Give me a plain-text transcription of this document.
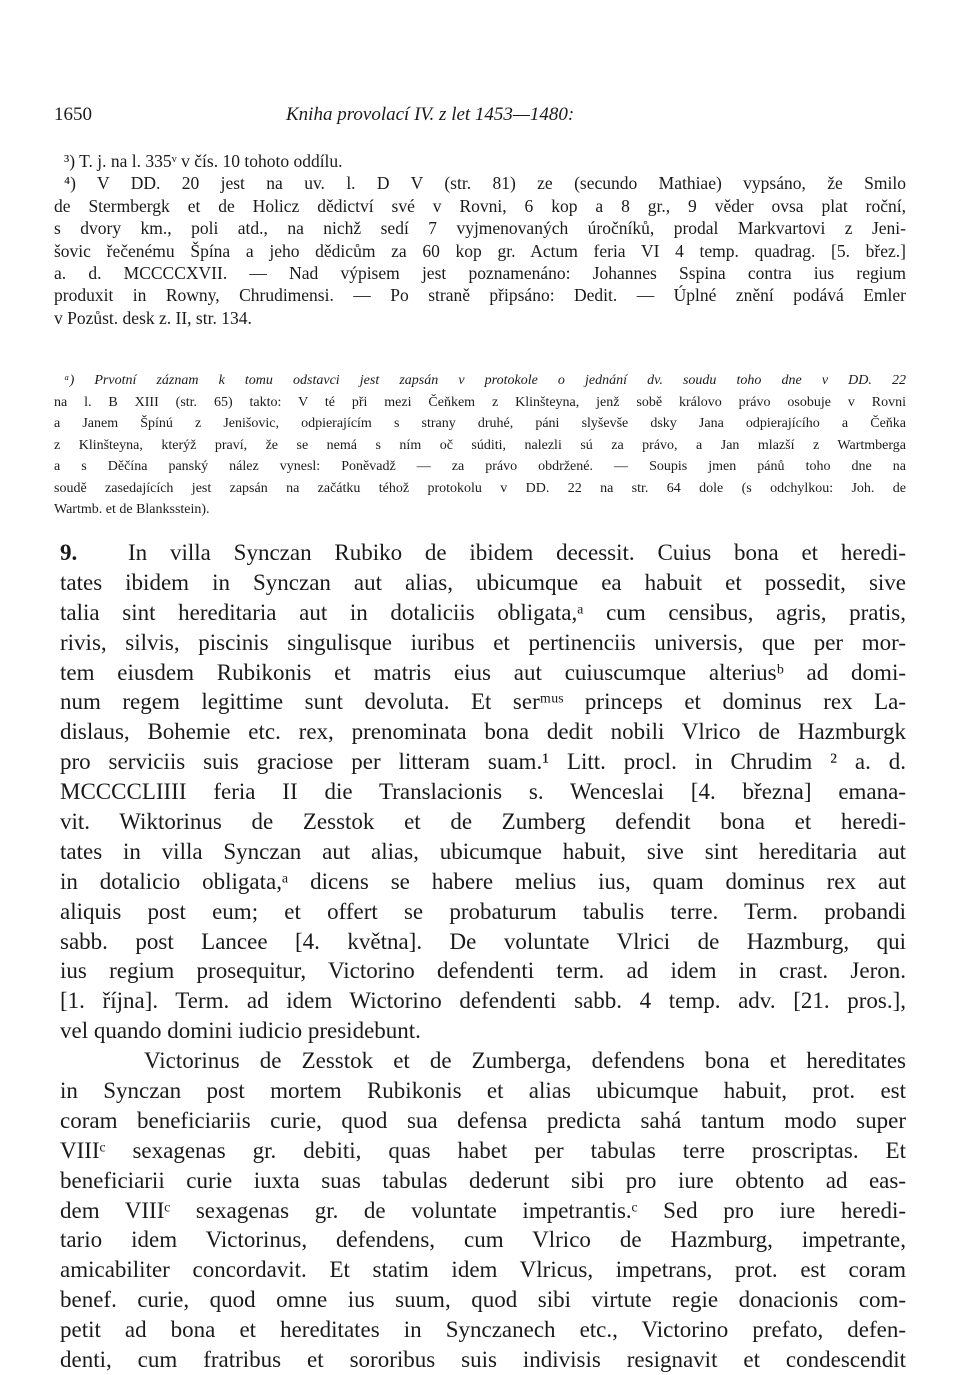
1650	Kniha provolací IV. z let 1453—1480:
³) T. j. na l. 335ᵛ v čís. 10 tohoto oddílu.
⁴) V DD. 20 jest na uv. l. D V (str. 81) ze (secundo Mathiae) vypsáno, že Smilo
de Stermbergk et de Holicz dědictví své v Rovni, 6 kop a 8 gr., 9 věder ovsa plat roční,
s dvory km., poli atd., na nichž sedí 7 vyjmenovaných úročníků, prodal Markvartovi z Jeni-
šovic řečenému Špína a jeho dědicům za 60 kop gr. Actum feria VI 4 temp. quadrag. [5. břez.]
a. d. MCCCCXVII. — Nad výpisem jest poznamenáno: Johannes Sspina contra ius regium
produxit in Rowny, Chrudimensi. — Po straně připsáno: Dedit. — Úplné znění podává Emler
v Pozůst. desk z. II, str. 134.
ᵃ) Prvotní záznam k tomu odstavci jest zapsán v protokole o jednání dv. soudu toho dne v DD. 22
na l. B XIII (str. 65) takto: V té při mezi Čeňkem z Klinšteyna, jenž sobě královo právo osobuje v Rovni
a Janem Špínú z Jenišovic, odpierajícím s strany druhé, páni slyševše dsky Jana odpierajícího a Čeňka
z Klinšteyna, kterýž praví, že se nemá s ním oč súditi, nalezli sú za právo, a Jan mlazší z Wartmberga
a s Děčína panský nález vynesl: Poněvadž — za právo obdržené. — Soupis jmen pánů toho dne na
soudě zasedajících jest zapsán na začátku téhož protokolu v DD. 22 na str. 64 dole (s odchylkou: Joh. de
Wartmb. et de Blanksstein).
9. In villa Synczan Rubiko de ibidem decessit. Cuius bona et heredi-
tates ibidem in Synczan aut alias, ubicumque ea habuit et possedit, sive
talia sint hereditaria aut in dotaliciis obligata,ᵃ cum censibus, agris, pratis,
rivis, silvis, piscinis singulisque iuribus et pertinenciis universis, que per mor-
tem eiusdem Rubikonis et matris eius aut cuiuscumque alteriusᵇ ad domi-
num regem legittime sunt devoluta. Et serᵐᵘˢ princeps et dominus rex La-
dislaus, Bohemie etc. rex, prenominata bona dedit nobili Vlrico de Hazmburgk
pro serviciis suis graciose per litteram suam.¹ Litt. procl. in Chrudim ² a. d.
MCCCCLIIII feria II die Translacionis s. Wenceslai [4. března] emana-
vit. Wiktorinus de Zesstok et de Zumberg defendit bona et heredi-
tates in villa Synczan aut alias, ubicumque habuit, sive sint hereditaria aut
in dotalicio obligata,ᵃ dicens se habere melius ius, quam dominus rex aut
aliquis post eum; et offert se probaturum tabulis terre. Term. probandi
sabb. post Lancee [4. května]. De voluntate Vlrici de Hazmburg, qui
ius regium prosequitur, Victorino defendenti term. ad idem in crast. Jeron.
[1. října]. Term. ad idem Wictorino defendenti sabb. 4 temp. adv. [21. pros.],
vel quando domini iudicio presidebunt.
Victorinus de Zesstok et de Zumberga, defendens bona et hereditates
in Synczan post mortem Rubikonis et alias ubicumque habuit, prot. est
coram beneficiariis curie, quod sua defensa predicta sahá tantum modo super
VIIIᶜ sexagenas gr. debiti, quas habet per tabulas terre proscriptas. Et
beneficiarii curie iuxta suas tabulas dederunt sibi pro iure obtento ad eas-
dem VIIIᶜ sexagenas gr. de voluntate impetrantis.ᶜ Sed pro iure heredi-
tario idem Victorinus, defendens, cum Vlrico de Hazmburg, impetrante,
amicabiliter concordavit. Et statim idem Vlricus, impetrans, prot. est coram
benef. curie, quod omne ius suum, quod sibi virtute regie donacionis com-
petit ad bona et hereditates in Synczanech etc., Victorino prefato, defen-
denti, cum fratribus et sororibus suis indivisis resignavit et condescendit
